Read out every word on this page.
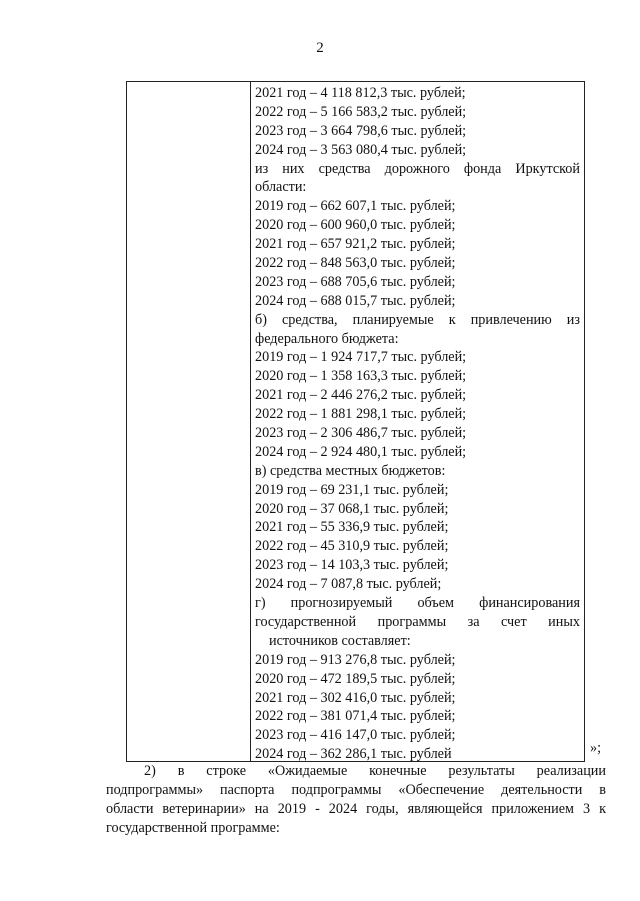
2
2021 год – 4 118 812,3 тыс. рублей;
2022 год – 5 166 583,2 тыс. рублей;
2023 год – 3 664 798,6 тыс. рублей;
2024 год – 3 563 080,4 тыс. рублей;
из них средства дорожного фонда Иркутской
области:
2019 год – 662 607,1 тыс. рублей;
2020 год – 600 960,0 тыс. рублей;
2021 год – 657 921,2 тыс. рублей;
2022 год – 848 563,0 тыс. рублей;
2023 год – 688 705,6 тыс. рублей;
2024 год – 688 015,7 тыс. рублей;
б) средства, планируемые к привлечению из
федерального бюджета:
2019 год – 1 924 717,7 тыс. рублей;
2020 год – 1 358 163,3 тыс. рублей;
2021 год – 2 446 276,2 тыс. рублей;
2022 год – 1 881 298,1 тыс. рублей;
2023 год – 2 306 486,7 тыс. рублей;
2024 год – 2 924 480,1 тыс. рублей;
в) средства местных бюджетов:
2019 год – 69 231,1 тыс. рублей;
2020 год – 37 068,1 тыс. рублей;
2021 год – 55 336,9 тыс. рублей;
2022 год – 45 310,9 тыс. рублей;
2023 год – 14 103,3 тыс. рублей;
2024 год – 7 087,8 тыс. рублей;
г) прогнозируемый объем финансирования
государственной программы за счет иных
источников составляет:
2019 год – 913 276,8 тыс. рублей;
2020 год – 472 189,5 тыс. рублей;
2021 год – 302 416,0 тыс. рублей;
2022 год – 381 071,4 тыс. рублей;
2023 год – 416 147,0 тыс. рублей;
2024 год – 362 286,1 тыс. рублей	»;
2) в строке «Ожидаемые конечные результаты реализации
подпрограммы» паспорта подпрограммы «Обеспечение деятельности в
области ветеринарии» на 2019 - 2024 годы, являющейся приложением 3 к
государственной программе:
